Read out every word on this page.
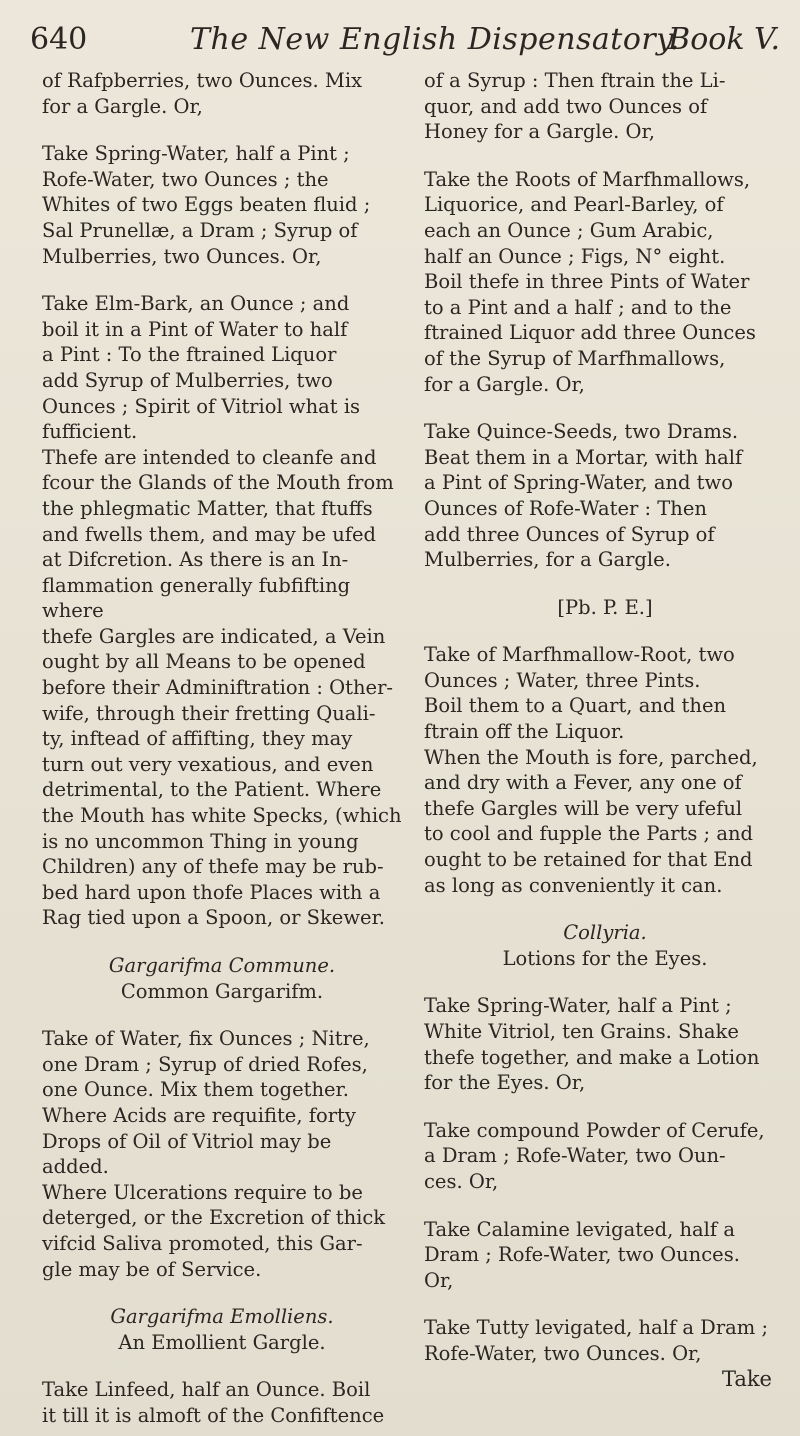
640	The New English Dispensatory.
Book V.

of Rafpberries, two Ounces. Mix

for a Gargle. Or,

Take Spring-Water, half a Pint ;

Rofe-Water, two Ounces ; the

Whites of two Eggs beaten fluid ;

Sal Prunellæ, a Dram ; Syrup of

Mulberries, two Ounces. Or,

Take Elm-Bark, an Ounce ; and

boil it in a Pint of Water to half

a Pint : To the ftrained Liquor

add Syrup of Mulberries, two

Ounces ; Spirit of Vitriol what is

fufficient.

Thefe are intended to cleanfe and

fcour the Glands of the Mouth from

the phlegmatic Matter, that ftuffs

and fwells them, and may be ufed

at Difcretion. As there is an In-

flammation generally fubfifting where

thefe Gargles are indicated, a Vein

ought by all Means to be opened

before their Adminiftration : Other-

wife, through their fretting Quali-

ty, inftead of affifting, they may

turn out very vexatious, and even

detrimental, to the Patient. Where

the Mouth has white Specks, (which

is no uncommon Thing in young

Children) any of thefe may be rub-

bed hard upon thofe Places with a

Rag tied upon a Spoon, or Skewer.

Gargarifma Commune.

Common Gargarifm.

Take of Water, fix Ounces ; Nitre,

one Dram ; Syrup of dried Rofes,

one Ounce. Mix them together.

Where Acids are requifite, forty

Drops of Oil of Vitriol may be

added.

Where Ulcerations require to be

deterged, or the Excretion of thick

vifcid Saliva promoted, this Gar-

gle may be of Service.

Gargarifma Emolliens.

An Emollient Gargle.

Take Linfeed, half an Ounce. Boil

it till it is almoft of the Confiftence

of a Syrup : Then ftrain the Li-

quor, and add two Ounces of

Honey for a Gargle. Or,

Take the Roots of Marfhmallows,

Liquorice, and Pearl-Barley, of

each an Ounce ; Gum Arabic,

half an Ounce ; Figs, N° eight.

Boil thefe in three Pints of Water

to a Pint and a half ; and to the

ftrained Liquor add three Ounces

of the Syrup of Marfhmallows,

for a Gargle. Or,

Take Quince-Seeds, two Drams.

Beat them in a Mortar, with half

a Pint of Spring-Water, and two

Ounces of Rofe-Water : Then

add three Ounces of Syrup of

Mulberries, for a Gargle.

[Pb. P. E.]

Take of Marfhmallow-Root, two

Ounces ; Water, three Pints.

Boil them to a Quart, and then

ftrain off the Liquor.

When the Mouth is fore, parched,

and dry with a Fever, any one of

thefe Gargles will be very ufeful

to cool and fupple the Parts ; and

ought to be retained for that End

as long as conveniently it can.

Collyria.

Lotions for the Eyes.

Take Spring-Water, half a Pint ;

White Vitriol, ten Grains. Shake

thefe together, and make a Lotion

for the Eyes. Or,

Take compound Powder of Cerufe,

a Dram ; Rofe-Water, two Oun-

ces. Or,

Take Calamine levigated, half a

Dram ; Rofe-Water, two Ounces.

Or,

Take Tutty levigated, half a Dram ;

Rofe-Water, two Ounces. Or,

Take
